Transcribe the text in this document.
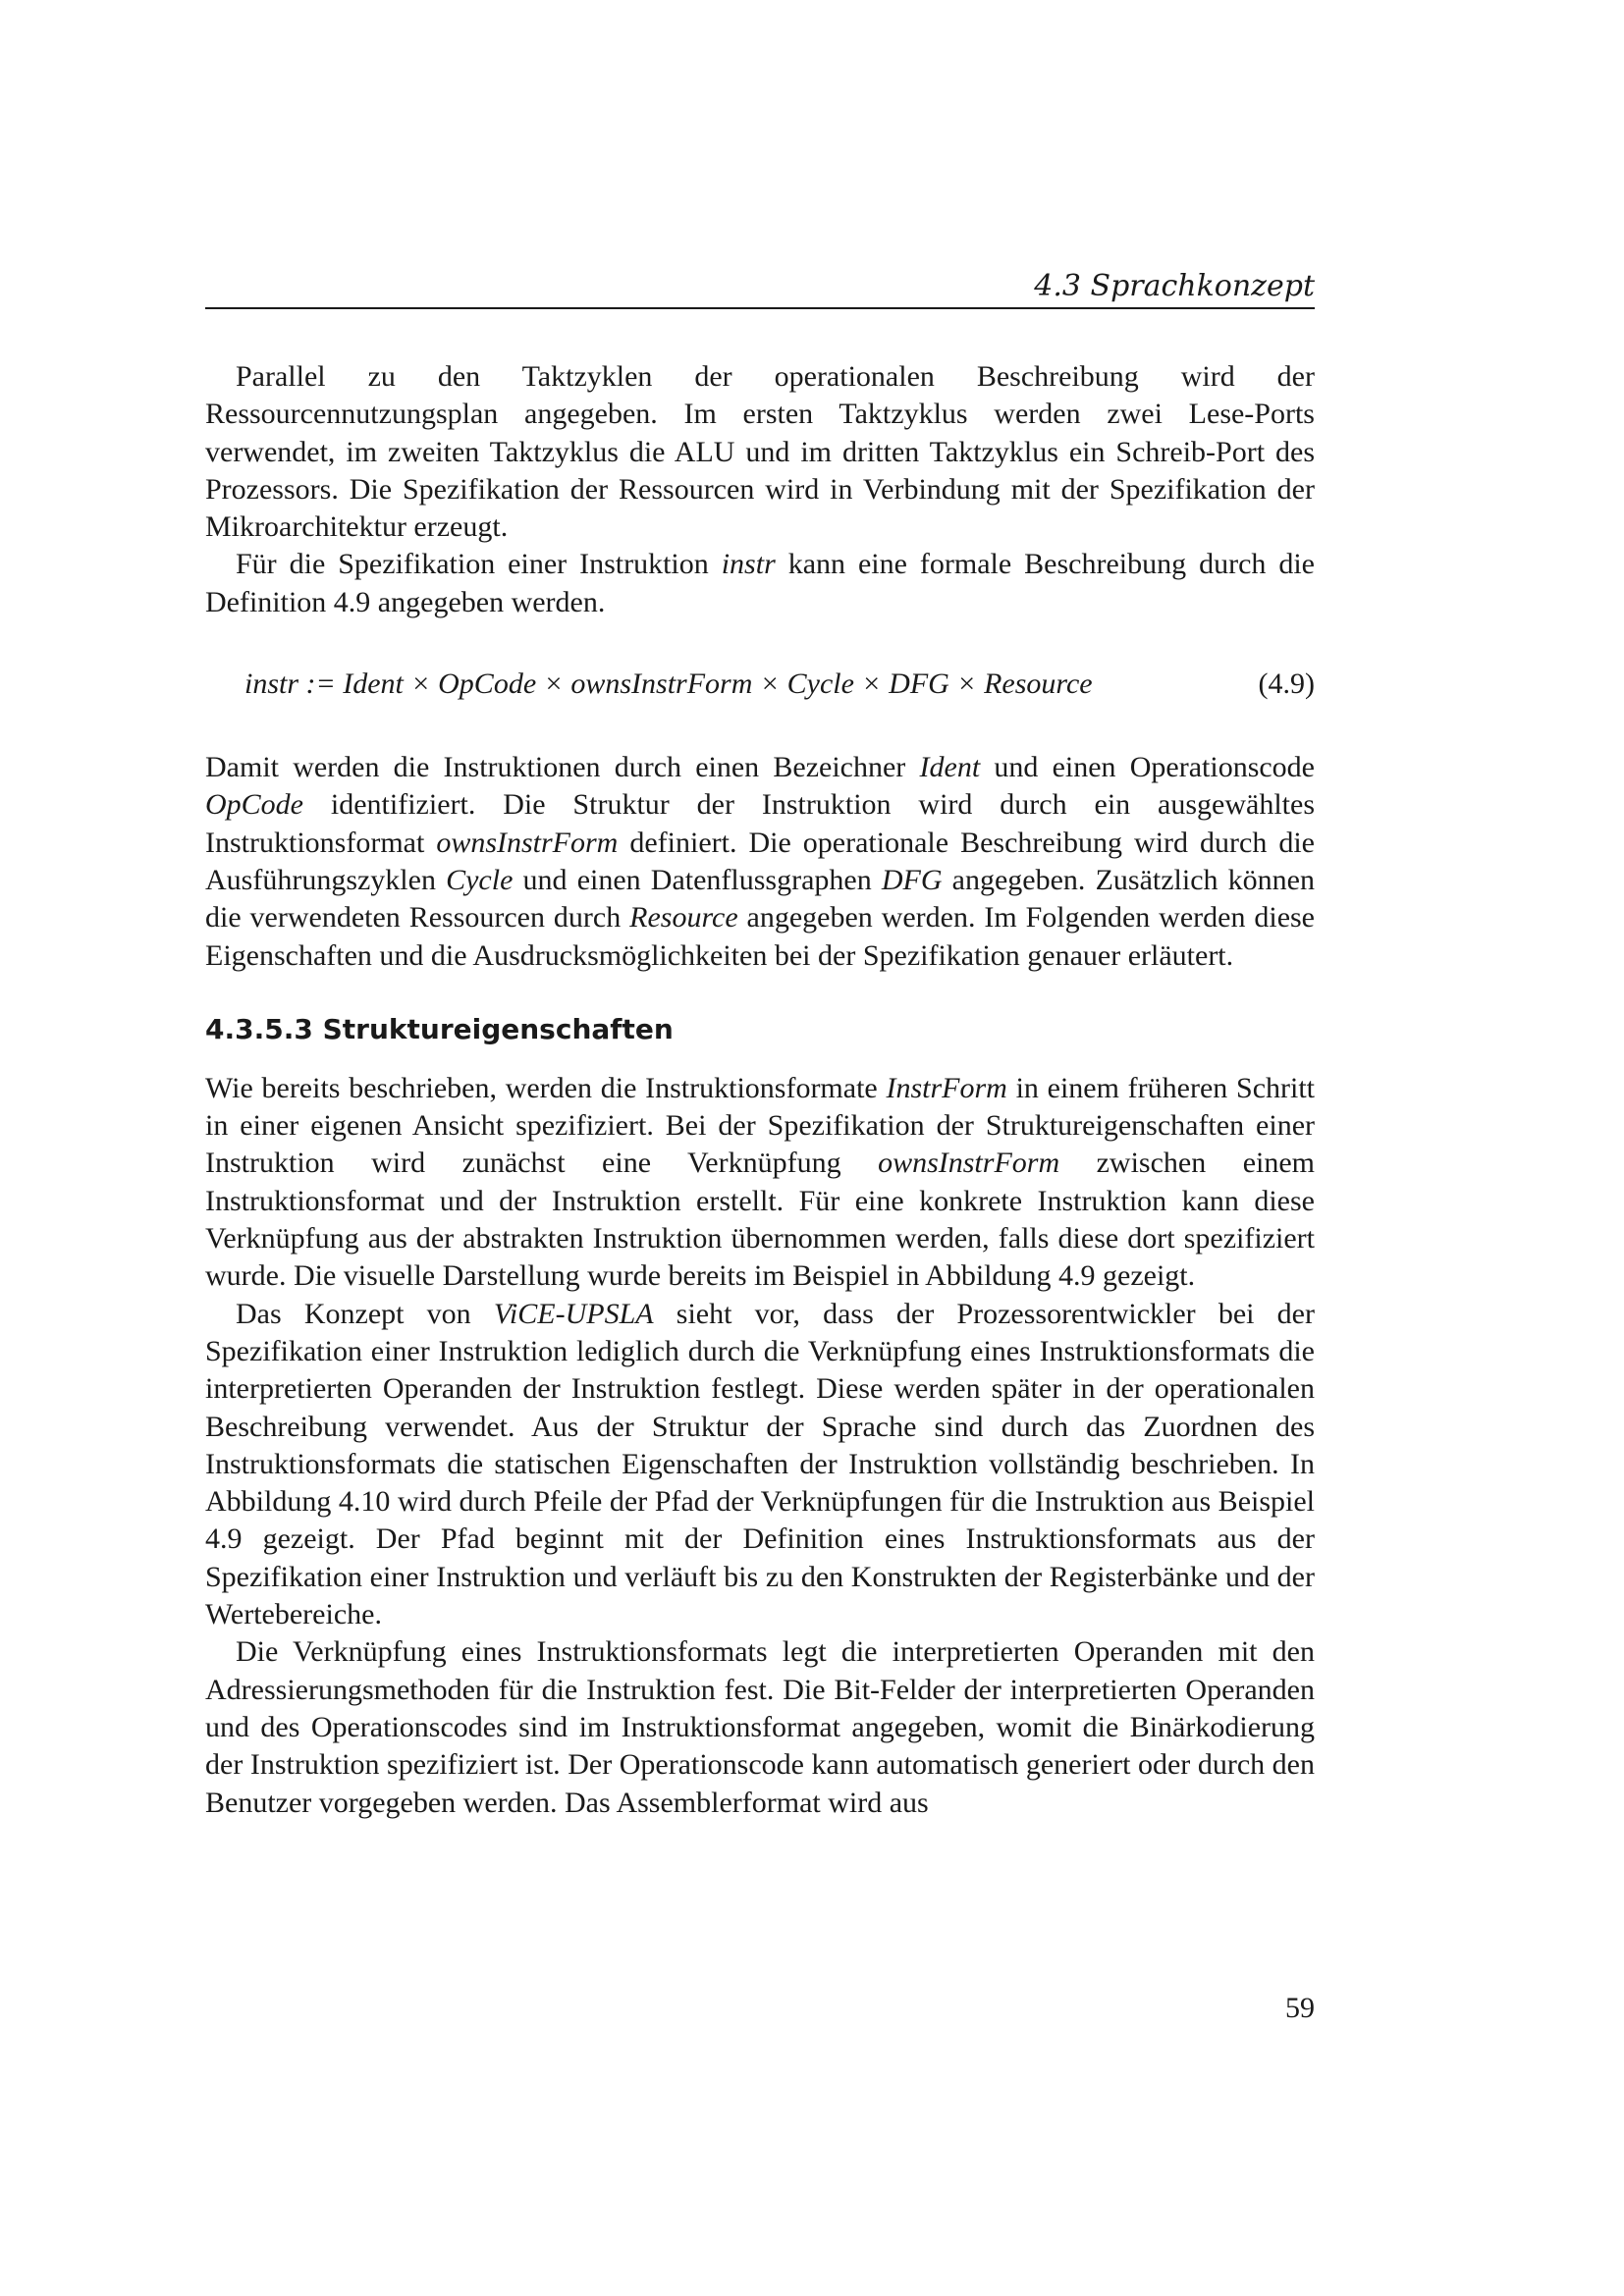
4.3 Sprachkonzept

Parallel zu den Taktzyklen der operationalen Beschreibung wird der Ressourcennutzungsplan angegeben. Im ersten Taktzyklus werden zwei Lese-Ports verwendet, im zweiten Taktzyklus die ALU und im dritten Taktzyklus ein Schreib-Port des Prozessors. Die Spezifikation der Ressourcen wird in Verbindung mit der Spezifikation der Mikroarchitektur erzeugt.

Für die Spezifikation einer Instruktion instr kann eine formale Beschreibung durch die Definition 4.9 angegeben werden.

instr := Ident × OpCode × ownsInstrForm × Cycle × DFG × Resource	(4.9)

Damit werden die Instruktionen durch einen Bezeichner Ident und einen Operationscode OpCode identifiziert. Die Struktur der Instruktion wird durch ein ausgewähltes Instruktionsformat ownsInstrForm definiert. Die operationale Beschreibung wird durch die Ausführungszyklen Cycle und einen Datenflussgraphen DFG angegeben. Zusätzlich können die verwendeten Ressourcen durch Resource angegeben werden. Im Folgenden werden diese Eigenschaften und die Ausdrucksmöglichkeiten bei der Spezifikation genauer erläutert.

4.3.5.3 Struktureigenschaften

Wie bereits beschrieben, werden die Instruktionsformate InstrForm in einem früheren Schritt in einer eigenen Ansicht spezifiziert. Bei der Spezifikation der Struktureigenschaften einer Instruktion wird zunächst eine Verknüpfung ownsInstrForm zwischen einem Instruktionsformat und der Instruktion erstellt. Für eine konkrete Instruktion kann diese Verknüpfung aus der abstrakten Instruktion übernommen werden, falls diese dort spezifiziert wurde. Die visuelle Darstellung wurde bereits im Beispiel in Abbildung 4.9 gezeigt.

Das Konzept von ViCE-UPSLA sieht vor, dass der Prozessorentwickler bei der Spezifikation einer Instruktion lediglich durch die Verknüpfung eines Instruktionsformats die interpretierten Operanden der Instruktion festlegt. Diese werden später in der operationalen Beschreibung verwendet. Aus der Struktur der Sprache sind durch das Zuordnen des Instruktionsformats die statischen Eigenschaften der Instruktion vollständig beschrieben. In Abbildung 4.10 wird durch Pfeile der Pfad der Verknüpfungen für die Instruktion aus Beispiel 4.9 gezeigt. Der Pfad beginnt mit der Definition eines Instruktionsformats aus der Spezifikation einer Instruktion und verläuft bis zu den Konstrukten der Registerbänke und der Wertebereiche.

Die Verknüpfung eines Instruktionsformats legt die interpretierten Operanden mit den Adressierungsmethoden für die Instruktion fest. Die Bit-Felder der interpretierten Operanden und des Operationscodes sind im Instruktionsformat angegeben, womit die Binärkodierung der Instruktion spezifiziert ist. Der Operationscode kann automatisch generiert oder durch den Benutzer vorgegeben werden. Das Assemblerformat wird aus

59
